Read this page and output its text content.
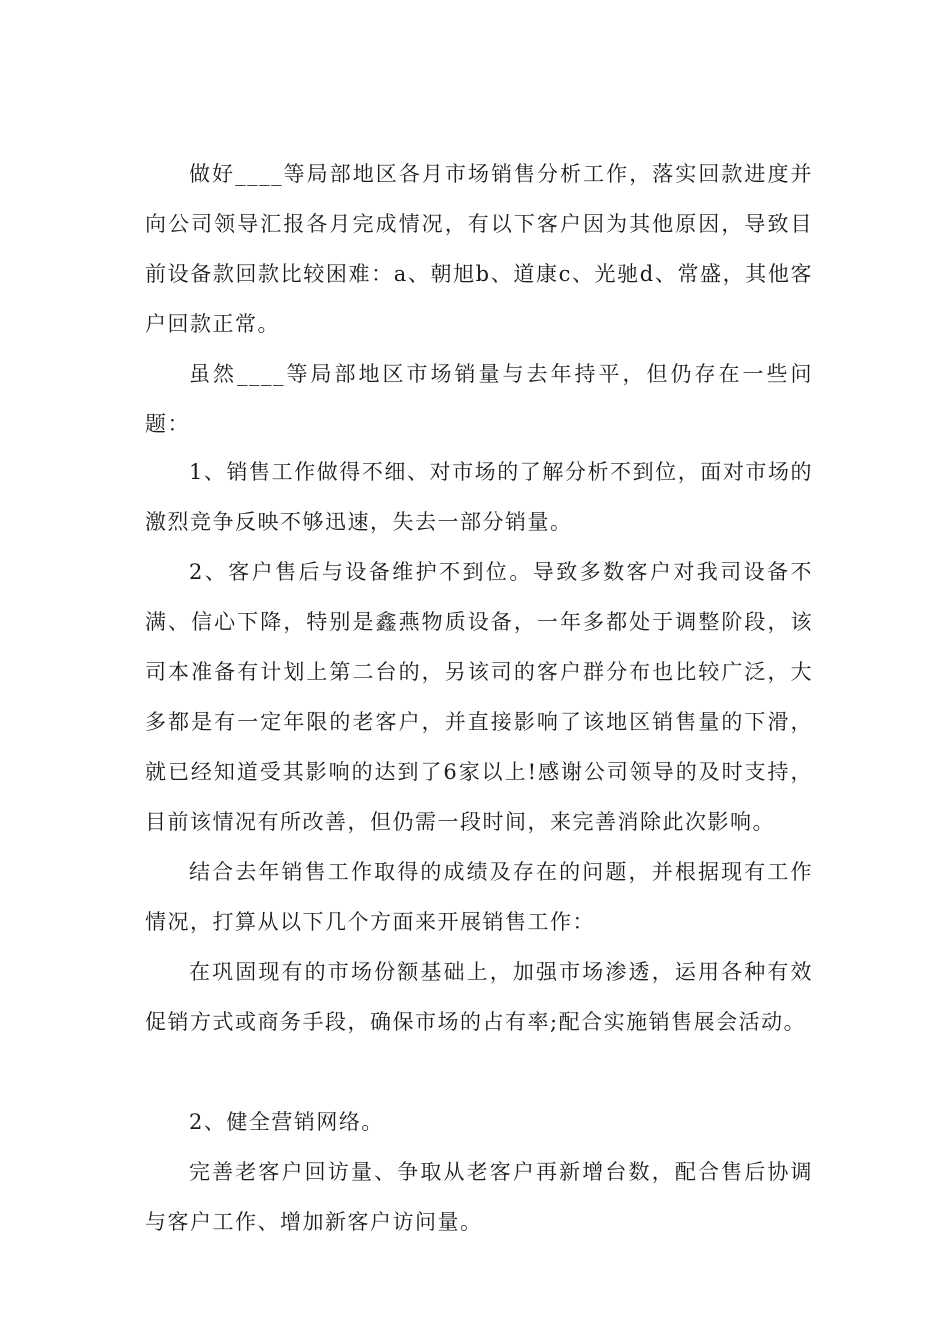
做好____等局部地区各月市场销售分析工作，落实回款进度并向公司领导汇报各月完成情况，有以下客户因为其他原因，导致目前设备款回款比较困难：a、朝旭b、道康c、光驰d、常盛，其他客户回款正常。

虽然____等局部地区市场销量与去年持平，但仍存在一些问题：

1、销售工作做得不细、对市场的了解分析不到位，面对市场的激烈竞争反映不够迅速，失去一部分销量。

2、客户售后与设备维护不到位。导致多数客户对我司设备不满、信心下降，特别是鑫燕物质设备，一年多都处于调整阶段，该司本准备有计划上第二台的，另该司的客户群分布也比较广泛，大多都是有一定年限的老客户，并直接影响了该地区销售量的下滑，就已经知道受其影响的达到了6家以上!感谢公司领导的及时支持，目前该情况有所改善，但仍需一段时间，来完善消除此次影响。

结合去年销售工作取得的成绩及存在的问题，并根据现有工作情况，打算从以下几个方面来开展销售工作：

在巩固现有的市场份额基础上，加强市场渗透，运用各种有效促销方式或商务手段，确保市场的占有率;配合实施销售展会活动。

2、健全营销网络。

完善老客户回访量、争取从老客户再新增台数，配合售后协调与客户工作、增加新客户访问量。
